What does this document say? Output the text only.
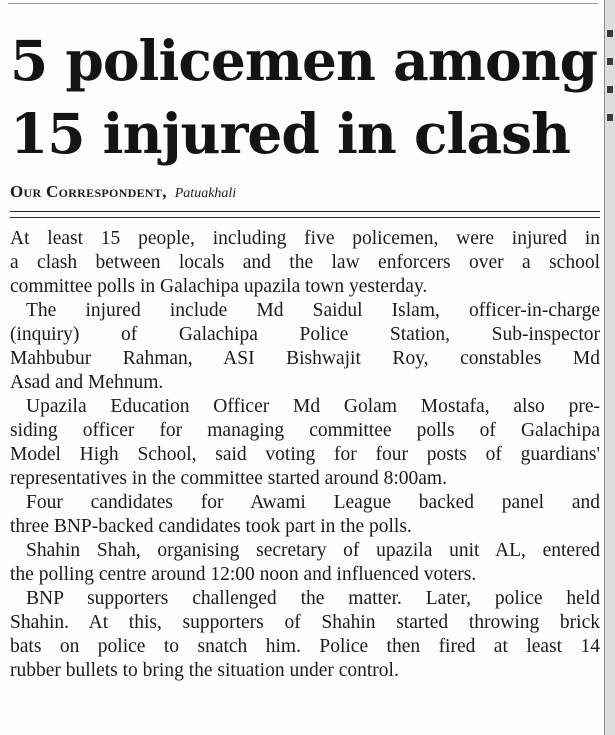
5 policemen among
15 injured in clash
Our Correspondent, Patuakhali
At least 15 people, including five policemen, were injured in
a clash between locals and the law enforcers over a school
committee polls in Galachipa upazila town yesterday.
The injured include Md Saidul Islam, officer-in-charge
(inquiry) of Galachipa Police Station, Sub-inspector
Mahbubur Rahman, ASI Bishwajit Roy, constables Md
Asad and Mehnum.
Upazila Education Officer Md Golam Mostafa, also pre-
siding officer for managing committee polls of Galachipa
Model High School, said voting for four posts of guardians'
representatives in the committee started around 8:00am.
Four candidates for Awami League backed panel and
three BNP-backed candidates took part in the polls.
Shahin Shah, organising secretary of upazila unit AL, entered
the polling centre around 12:00 noon and influenced voters.
BNP supporters challenged the matter. Later, police held
Shahin. At this, supporters of Shahin started throwing brick
bats on police to snatch him. Police then fired at least 14
rubber bullets to bring the situation under control.
